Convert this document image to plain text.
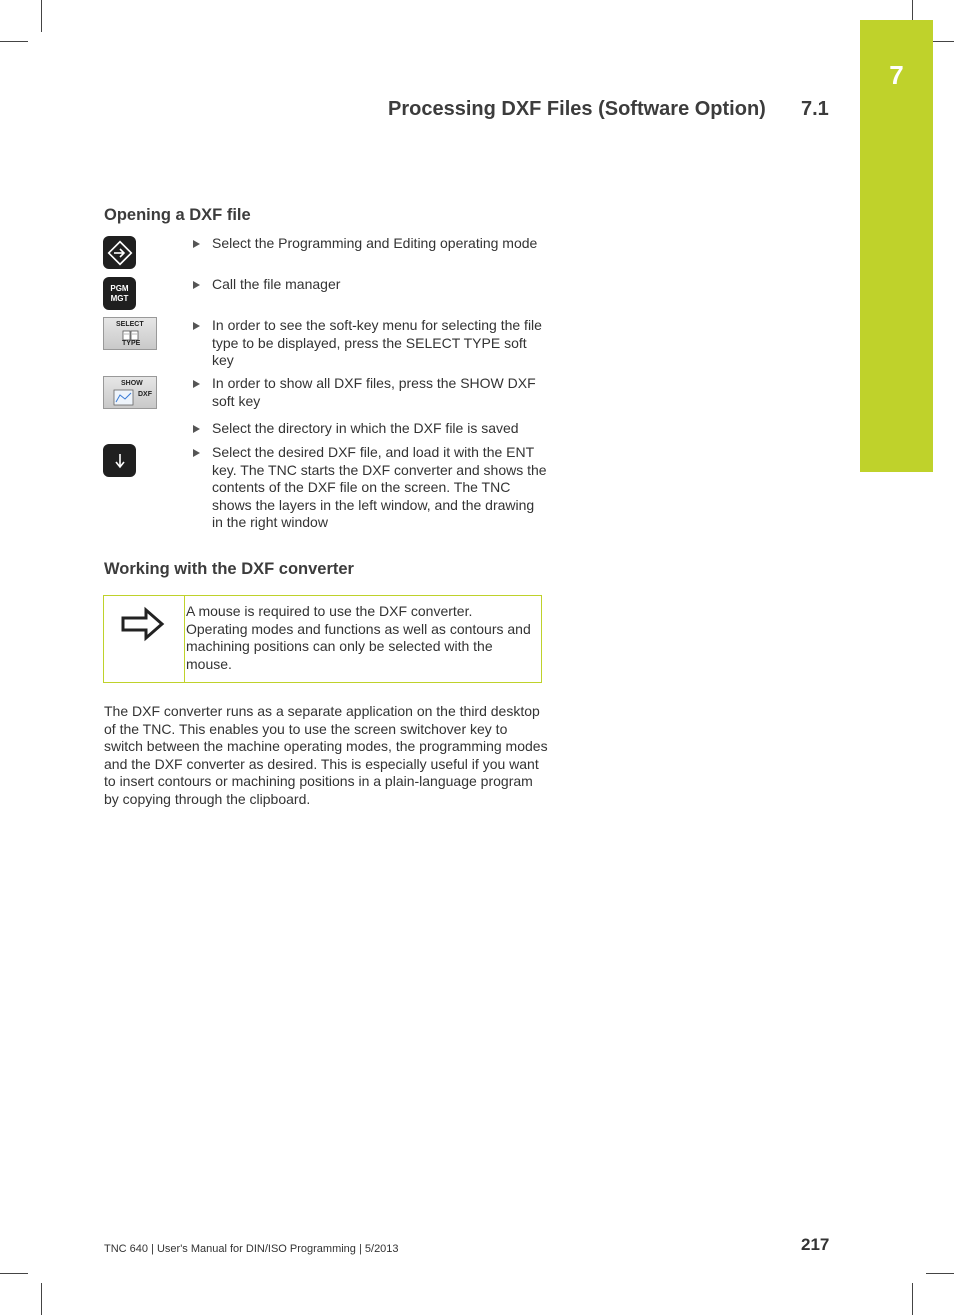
7
Processing DXF Files (Software Option) 7.1
Opening a DXF file
Select the Programming and Editing operating mode
PGM MGT
Call the file manager
SELECT
TYPE
In order to see the soft-key menu for selecting the file type to be displayed, press the SELECT TYPE soft key
SHOW
DXF
In order to show all DXF files, press the SHOW DXF soft key
Select the directory in which the DXF file is saved
Select the desired DXF file, and load it with the ENT key. The TNC starts the DXF converter and shows the contents of the DXF file on the screen. The TNC shows the layers in the left window, and the drawing in the right window
Working with the DXF converter
A mouse is required to use the DXF converter. Operating modes and functions as well as contours and machining positions can only be selected with the mouse.
The DXF converter runs as a separate application on the third desktop of the TNC. This enables you to use the screen switchover key to switch between the machine operating modes, the programming modes and the DXF converter as desired. This is especially useful if you want to insert contours or machining positions in a plain-language program by copying through the clipboard.
TNC 640 | User's Manual for DIN/ISO Programming | 5/2013	217
